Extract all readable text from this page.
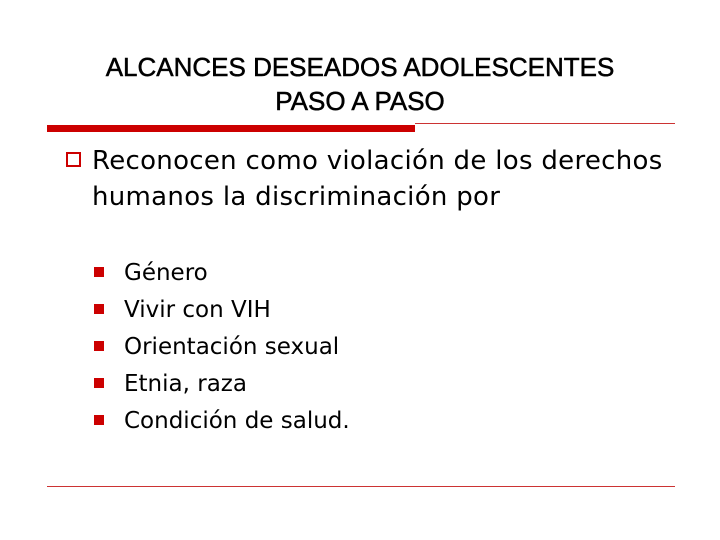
ALCANCES DESEADOS ADOLESCENTES
PASO A PASO
Reconocen como violación de los derechos humanos la discriminación por
Género
Vivir con VIH
Orientación sexual
Etnia, raza
Condición de salud.
